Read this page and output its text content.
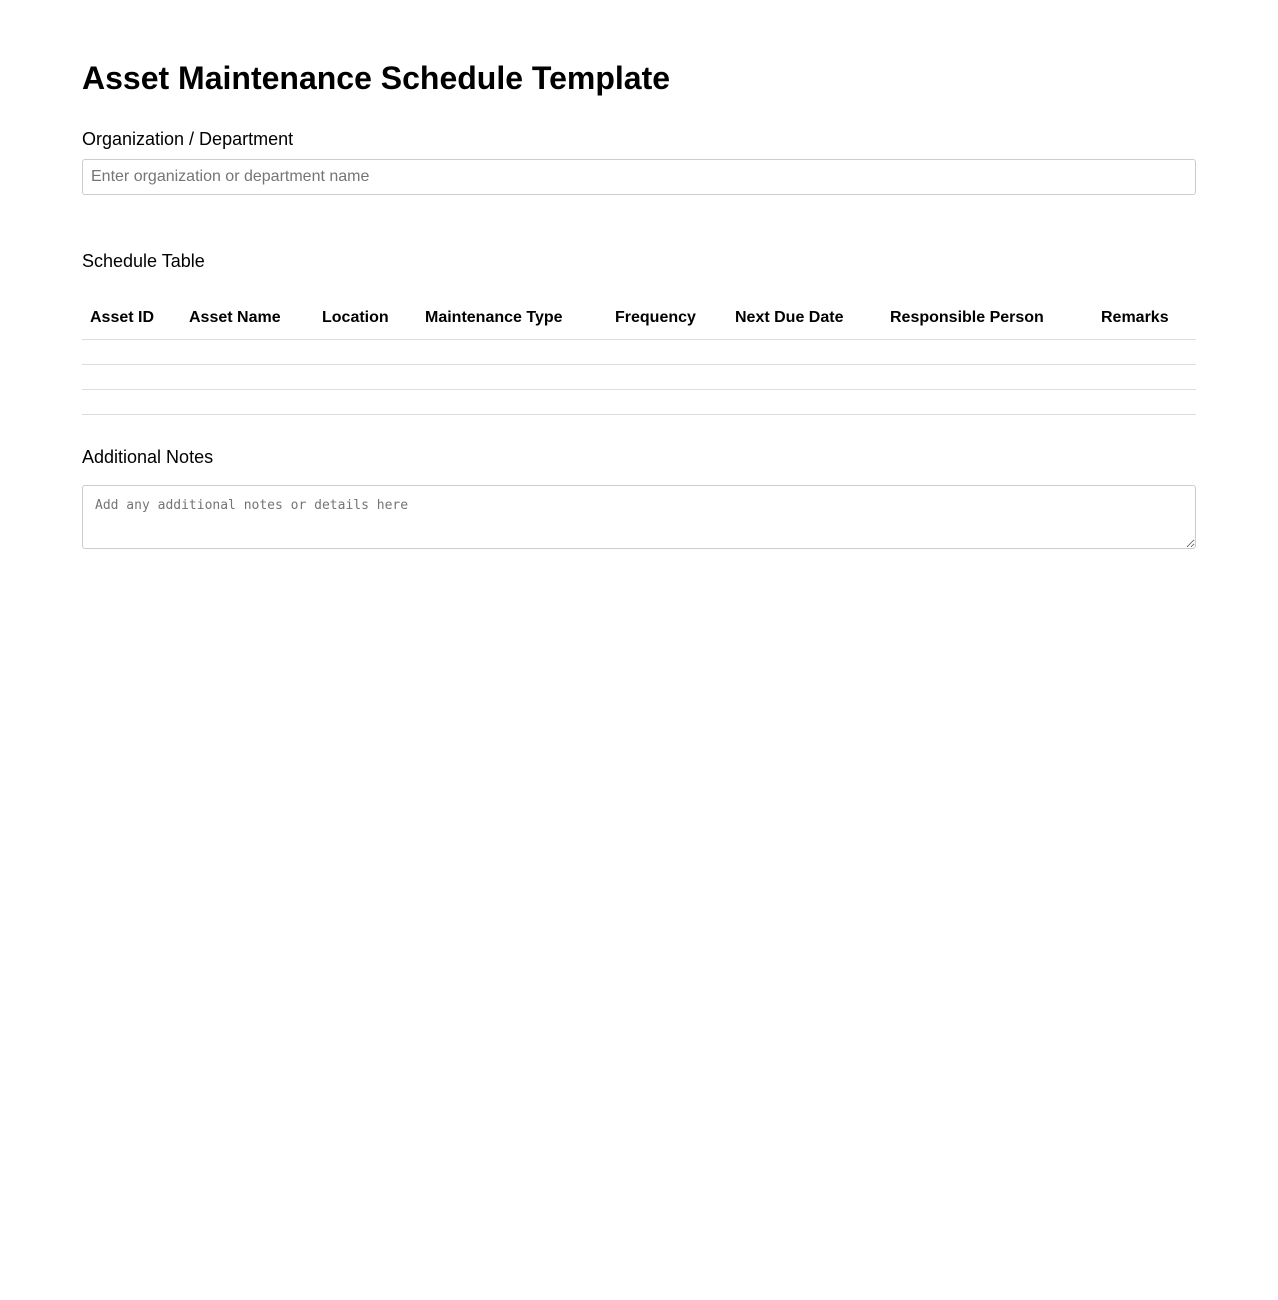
Asset Maintenance Schedule Template
Organization / Department
Enter organization or department name
Schedule Table
Asset ID	Asset Name	Location	Maintenance Type	Frequency	Next Due Date	Responsible Person	Remarks

Additional Notes
Add any additional notes or details here
